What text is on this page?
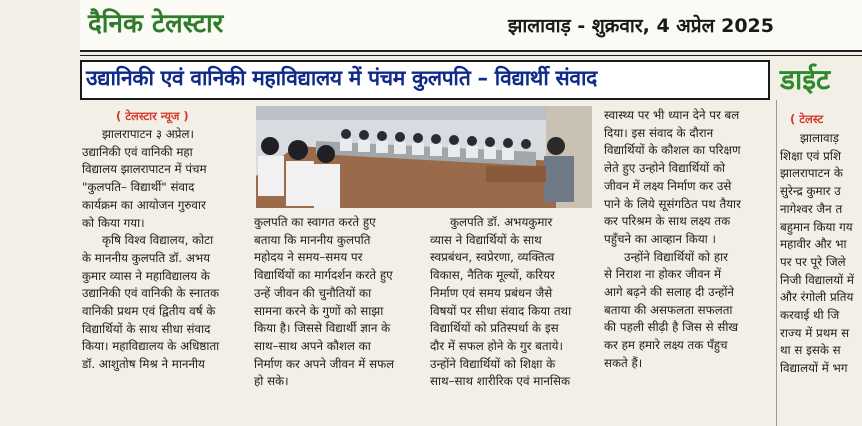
दैनिक टेलस्टार	झालावाड़ - शुक्रवार, 4 अप्रेल 2025
उद्यानिकी एवं वानिकी महाविद्यालय में पंचम कुलपति – विद्यार्थी संवाद	डाईट
( टेलस्ट
झालावाड़
शिक्षा एवं प्रशि
झालरापाटन के
सुरेन्द्र कुमार उ
नागेश्वर जैन त
बहुमान किया गय
महावीर और भा
पर पर पूरे जिले
निजी विद्यालयों में
और रंगोली प्रतिय
करवाई थी जि
राज्य में प्रथम स
था स इसके स
विद्यालयों में भग
( टेलस्टार न्यूज )
झालरापाटन ३ अप्रेल।
उद्यानिकी एवं वानिकी महा
विद्यालय झालरापाटन में पंचम
"कुलपति– विद्यार्थी" संवाद
कार्यक्रम का आयोजन गुरुवार
को किया गया।
कृषि विश्व विद्यालय, कोटा
के माननीय कुलपति डॉ. अभय
कुमार व्यास ने महाविद्यालय के
उद्यानिकी एवं वानिकी के स्नातक
वानिकी प्रथम एवं द्वितीय वर्ष के
विद्यार्थियों के साथ सीधा संवाद
किया। महाविद्यालय के अधिष्ठाता
डॉ. आशुतोष मिश्र ने माननीय
कुलपति का स्वागत करते हुए
बताया कि माननीय कुलपति
महोदय ने समय–समय पर
विद्यार्थियों का मार्गदर्शन करते हुए
उन्हें जीवन की चुनौतियों का
सामना करने के गुणों को साझा
किया है। जिससे विद्यार्थी ज्ञान के
साथ–साथ अपने कौशल का
निर्माण कर अपने जीवन में सफल
हो सके।
कुलपति डॉ. अभयकुमार
व्यास ने विद्यार्थियों के साथ
स्वप्रबंधन, स्वप्रेरणा, व्यक्तित्व
विकास, नैतिक मूल्यों, करियर
निर्माण एवं समय प्रबंधन जैसे
विषयों पर सीधा संवाद किया तथा
विद्यार्थियों को प्रतिस्पर्धा के इस
दौर में सफल होने के गुर बताये।
उन्होंने विद्यार्थियों को शिक्षा के
साथ–साथ शारीरिक एवं मानसिक
स्वास्थ्य पर भी ध्यान देने पर बल
दिया। इस संवाद के दौरान
विद्यार्थियों के कौशल का परिक्षण
लेते हुए उन्होने विद्यार्थियों को
जीवन में लक्ष्य निर्माण कर उसे
पाने के लिये सूसंगठित पथ तैयार
कर परिश्रम के साथ लक्ष्य तक
पहुँचने का आव्हान किया ।
उन्होंने विद्यार्थियों को हार
से निराश ना होकर जीवन में
आगे बढ़ने की सलाह दी उन्होंने
बताया की असफलता सफलता
की पहली सीढ़ी है जिस से सीख
कर हम हमारे लक्ष्य तक पँहुच
सकते हैं।
